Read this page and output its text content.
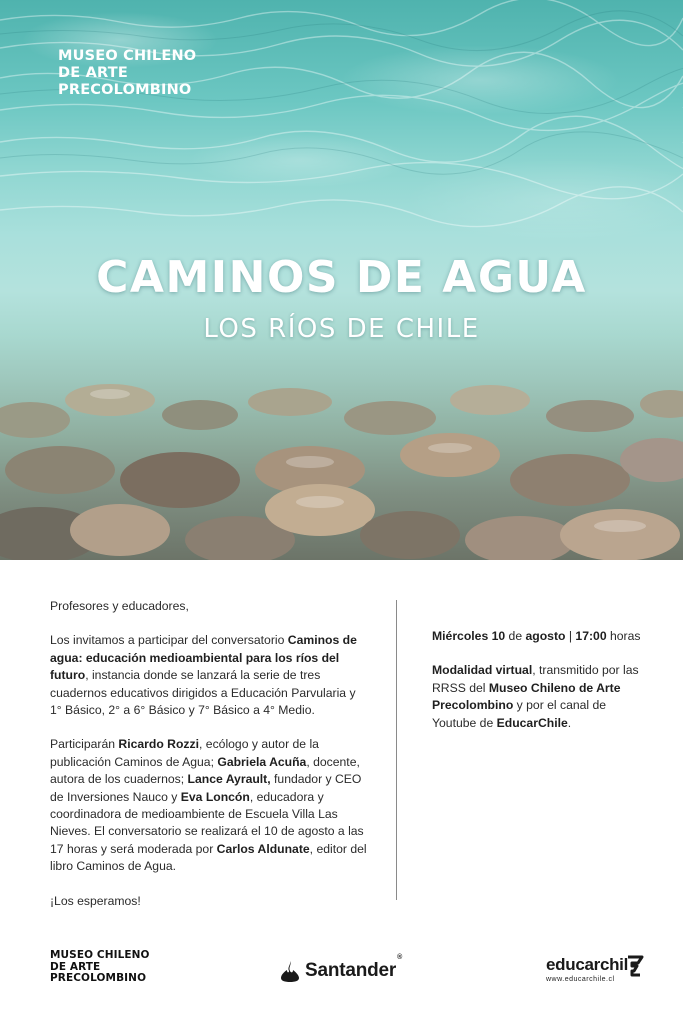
MUSEO CHILENO
DE ARTE
PRECOLOMBINO
CAMINOS DE AGUA
LOS RÍOS DE CHILE

Profesores y educadores,

Los invitamos a participar del conversatorio Caminos de agua: educación medioambiental para los ríos del futuro, instancia donde se lanzará la serie de tres cuadernos educativos dirigidos a Educación Parvularia y 1° Básico, 2° a 6° Básico y 7° Básico a 4° Medio.

Participarán Ricardo Rozzi, ecólogo y autor de la publicación Caminos de Agua; Gabriela Acuña, docente, autora de los cuadernos; Lance Ayrault, fundador y CEO de Inversiones Nauco y Eva Loncón, educadora y coordinadora de medioambiente de Escuela Villa Las Nieves. El conversatorio se realizará el 10 de agosto a las 17 horas y será moderada por Carlos Aldunate, editor del libro Caminos de Agua.

¡Los esperamos!

Miércoles 10 de agosto | 17:00 horas

Modalidad virtual, transmitido por las RRSS del Museo Chileno de Arte Precolombino y por el canal de Youtube de EducarChile.

MUSEO CHILENO
DE ARTE
PRECOLOMBINO	Santander®	educarchil
www.educarchile.cl
